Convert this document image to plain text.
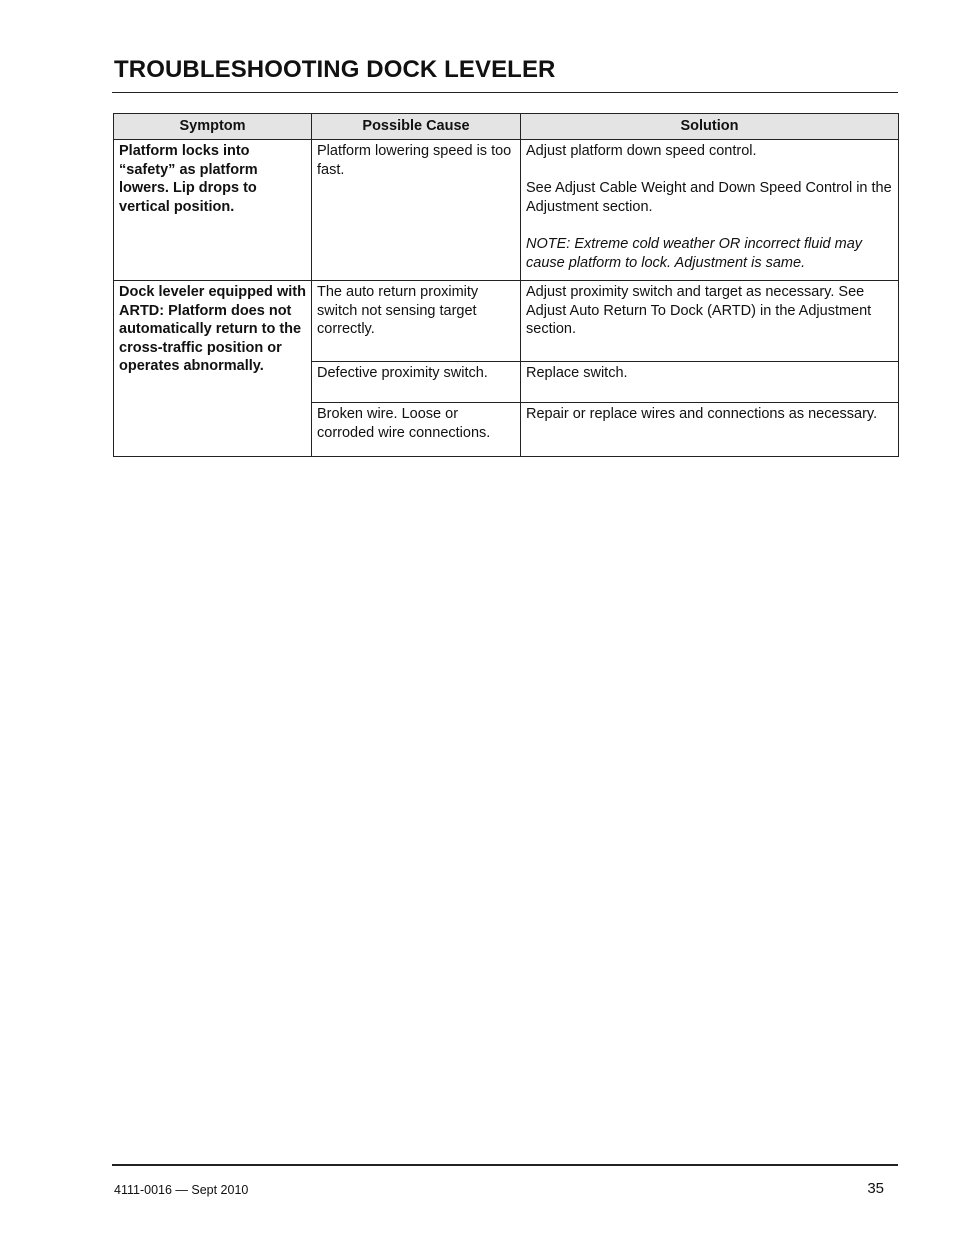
TROUBLESHOOTING DOCK LEVELER
Symptom	Possible Cause	Solution
Platform locks into “safety” as platform lowers. Lip drops to vertical position.	Platform lowering speed is too fast.	Adjust platform down speed control.

See Adjust Cable Weight and Down Speed Control in the Adjustment section.

NOTE: Extreme cold weather OR incorrect fluid may cause platform to lock. Adjustment is same.

Dock leveler equipped with ARTD: Platform does not automatically return to the cross-traffic position or operates abnormally.	The auto return proximity switch not sensing target correctly.	Adjust proximity switch and target as necessary. See Adjust Auto Return To Dock (ARTD) in the Adjustment section.
	Defective proximity switch.	Replace switch.
	Broken wire. Loose or corroded wire connections.	Repair or replace wires and connections as necessary.
4111-0016 — Sept 2010	35
